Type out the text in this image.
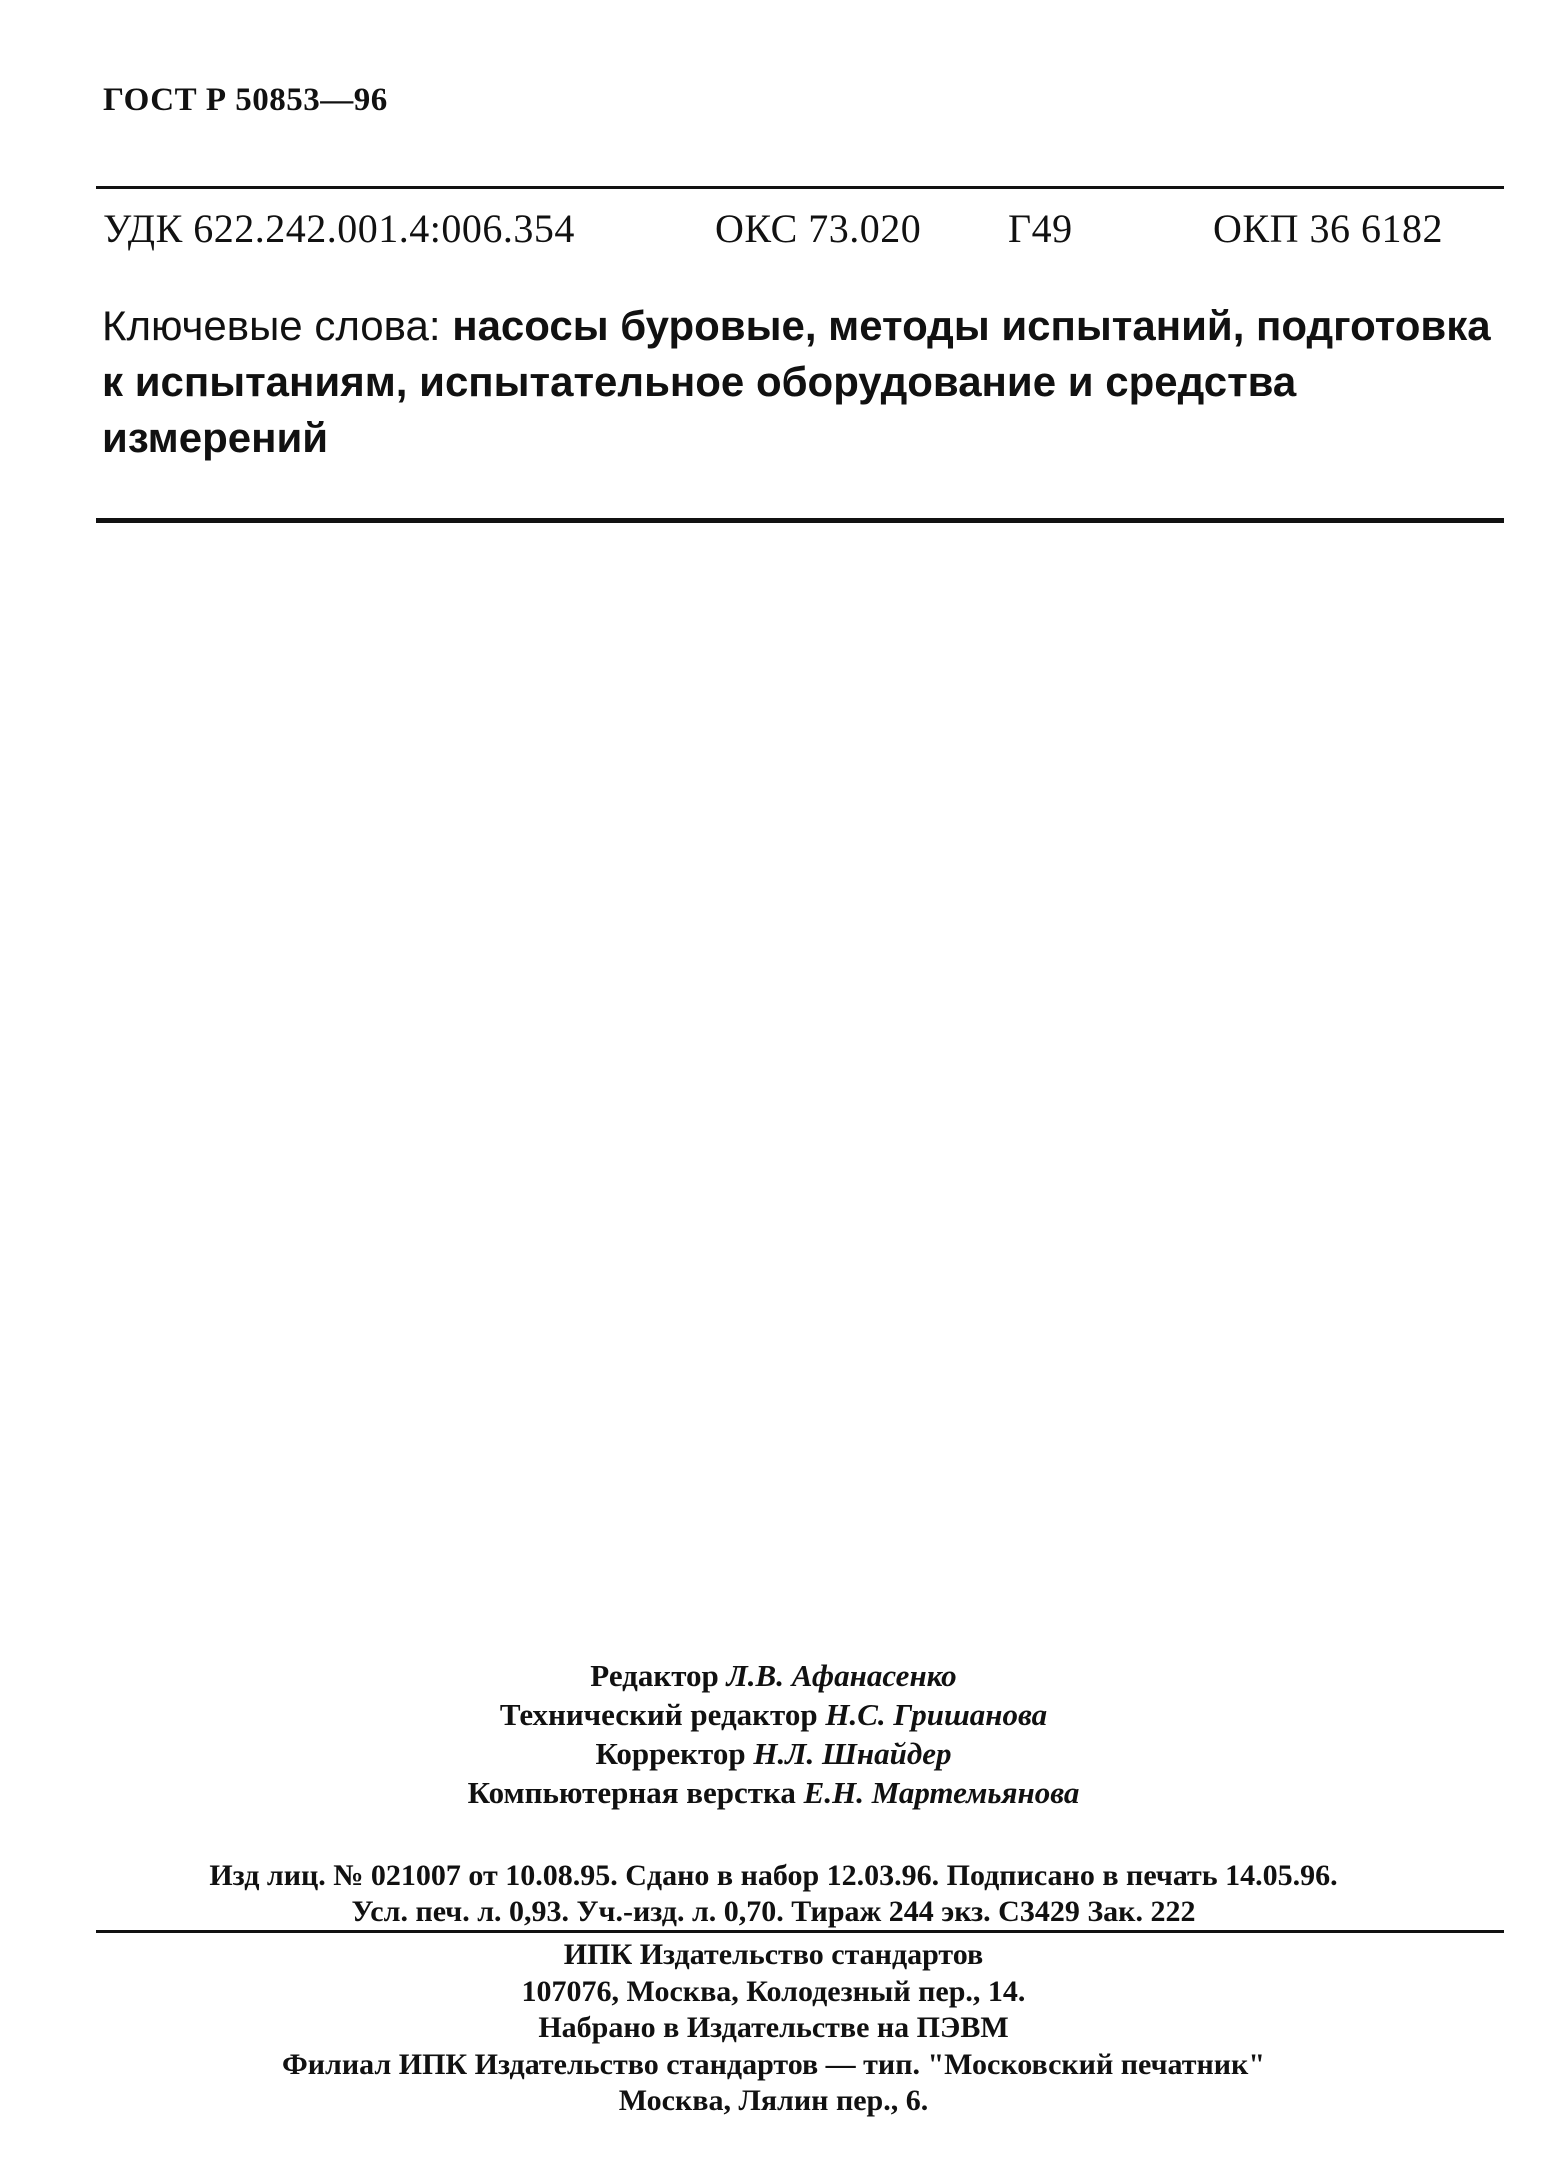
ГОСТ Р 50853—96
УДК 622.242.001.4:006.354	ОКС 73.020 Г49	ОКП 36 6182
Ключевые слова: насосы буровые, методы испытаний, подготовка к испытаниям, испытательное оборудование и средства измерений
Редактор Л.В. Афанасенко
Технический редактор Н.С. Гришанова
Корректор Н.Л. Шнайдер
Компьютерная верстка Е.Н. Мартемьянова
Изд лиц. № 021007 от 10.08.95. Сдано в набор 12.03.96. Подписано в печать 14.05.96.
Усл. печ. л. 0,93. Уч.-изд. л. 0,70. Тираж 244 экз. С3429 Зак. 222
ИПК Издательство стандартов
107076, Москва, Колодезный пер., 14.
Набрано в Издательстве на ПЭВМ
Филиал ИПК Издательство стандартов — тип. "Московский печатник"
Москва, Лялин пер., 6.
